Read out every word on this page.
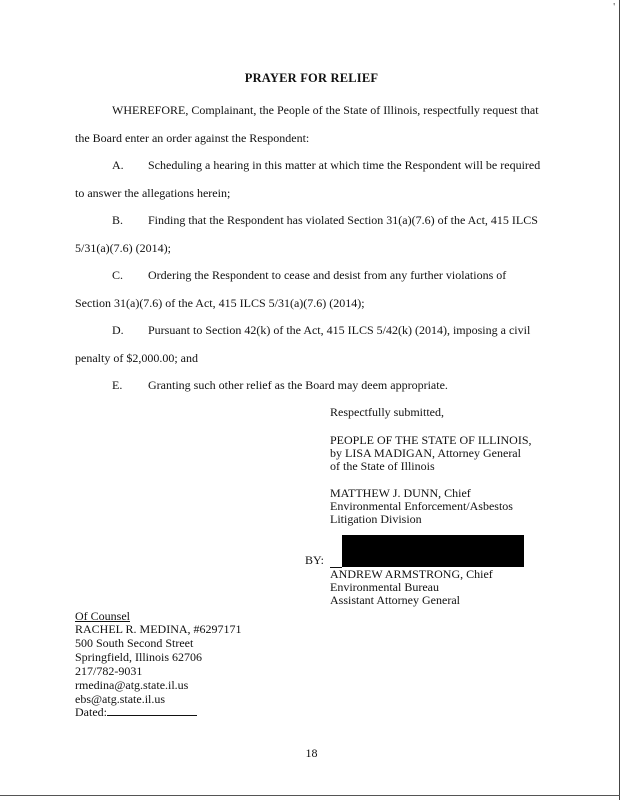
'
PRAYER FOR RELIEF
WHEREFORE, Complainant, the People of the State of Illinois, respectfully request that
the Board enter an order against the Respondent:
A. Scheduling a hearing in this matter at which time the Respondent will be required
to answer the allegations herein;
B. Finding that the Respondent has violated Section 31(a)(7.6) of the Act, 415 ILCS
5/31(a)(7.6) (2014);
C. Ordering the Respondent to cease and desist from any further violations of
Section 31(a)(7.6) of the Act, 415 ILCS 5/31(a)(7.6) (2014);
D. Pursuant to Section 42(k) of the Act, 415 ILCS 5/42(k) (2014), imposing a civil
penalty of $2,000.00; and
E. Granting such other relief as the Board may deem appropriate.
Respectfully submitted,
PEOPLE OF THE STATE OF ILLINOIS,
by LISA MADIGAN, Attorney General
of the State of Illinois
MATTHEW J. DUNN, Chief
Environmental Enforcement/Asbestos
Litigation Division
BY:
ANDREW ARMSTRONG, Chief
Environmental Bureau
Assistant Attorney General
Of Counsel
RACHEL R. MEDINA, #6297171
500 South Second Street
Springfield, Illinois 62706
217/782-9031
rmedina@atg.state.il.us
ebs@atg.state.il.us
Dated:
18
